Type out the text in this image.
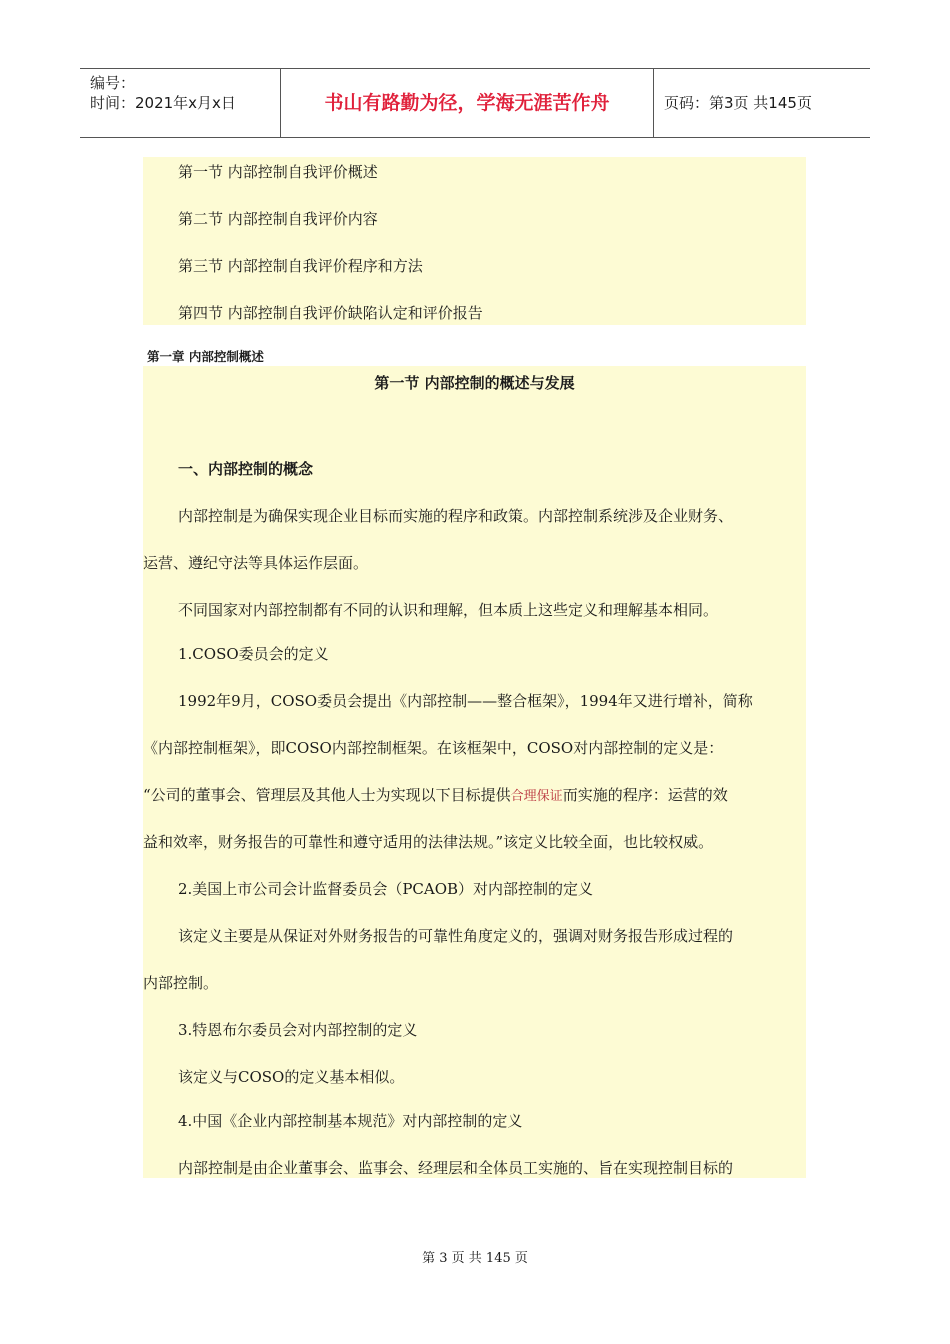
编号：
时间：2021年x月x日	书山有路勤为径，学海无涯苦作舟	页码：第3页 共145页
第一节 内部控制自我评价概述
第二节 内部控制自我评价内容
第三节 内部控制自我评价程序和方法
第四节 内部控制自我评价缺陷认定和评价报告
第一章 内部控制概述
第一节 内部控制的概述与发展
一、内部控制的概念
内部控制是为确保实现企业目标而实施的程序和政策。内部控制系统涉及企业财务、
运营、遵纪守法等具体运作层面。
不同国家对内部控制都有不同的认识和理解，但本质上这些定义和理解基本相同。
1.COSO委员会的定义
1992年9月，COSO委员会提出《内部控制——整合框架》，1994年又进行增补，简称
《内部控制框架》，即COSO内部控制框架。在该框架中，COSO对内部控制的定义是：
“公司的董事会、管理层及其他人士为实现以下目标提供合理保证而实施的程序：运营的效
益和效率，财务报告的可靠性和遵守适用的法律法规。”该定义比较全面，也比较权威。
2.美国上市公司会计监督委员会（PCAOB）对内部控制的定义
该定义主要是从保证对外财务报告的可靠性角度定义的，强调对财务报告形成过程的
内部控制。
3.特恩布尔委员会对内部控制的定义
该定义与COSO的定义基本相似。
4.中国《企业内部控制基本规范》对内部控制的定义
内部控制是由企业董事会、监事会、经理层和全体员工实施的、旨在实现控制目标的
第 3 页 共 145 页
